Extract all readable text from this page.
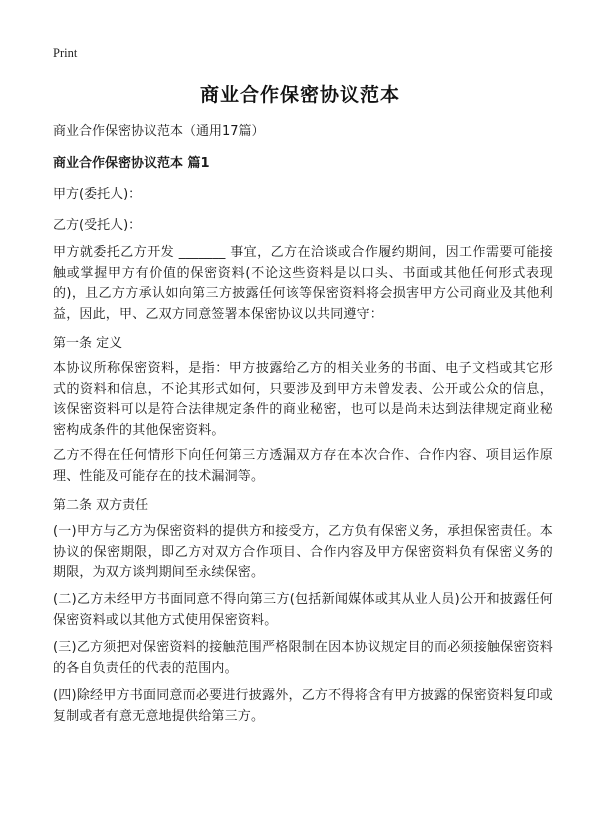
Print
商业合作保密协议范本

商业合作保密协议范本（通用17篇）

商业合作保密协议范本 篇1

甲方(委托人)：

乙方(受托人)：

甲方就委托乙方开发 _______ 事宜，乙方在洽谈或合作履约期间，因工作需要可能接触或掌握甲方有价值的保密资料(不论这些资料是以口头、书面或其他任何形式表现的)，且乙方方承认如向第三方披露任何该等保密资料将会损害甲方公司商业及其他利益，因此，甲、乙双方同意签署本保密协议以共同遵守：

第一条 定义

本协议所称保密资料，是指：甲方披露给乙方的相关业务的书面、电子文档或其它形式的资料和信息，不论其形式如何，只要涉及到甲方未曾发表、公开或公众的信息，该保密资料可以是符合法律规定条件的商业秘密，也可以是尚未达到法律规定商业秘密构成条件的其他保密资料。

乙方不得在任何情形下向任何第三方透漏双方存在本次合作、合作内容、项目运作原理、性能及可能存在的技术漏洞等。

第二条 双方责任

(一)甲方与乙方为保密资料的提供方和接受方，乙方负有保密义务，承担保密责任。本协议的保密期限，即乙方对双方合作项目、合作内容及甲方保密资料负有保密义务的期限，为双方谈判期间至永续保密。

(二)乙方未经甲方书面同意不得向第三方(包括新闻媒体或其从业人员)公开和披露任何保密资料或以其他方式使用保密资料。

(三)乙方须把对保密资料的接触范围严格限制在因本协议规定目的而必须接触保密资料的各自负责任的代表的范围内。

(四)除经甲方书面同意而必要进行披露外，乙方不得将含有甲方披露的保密资料复印或复制或者有意无意地提供给第三方。
